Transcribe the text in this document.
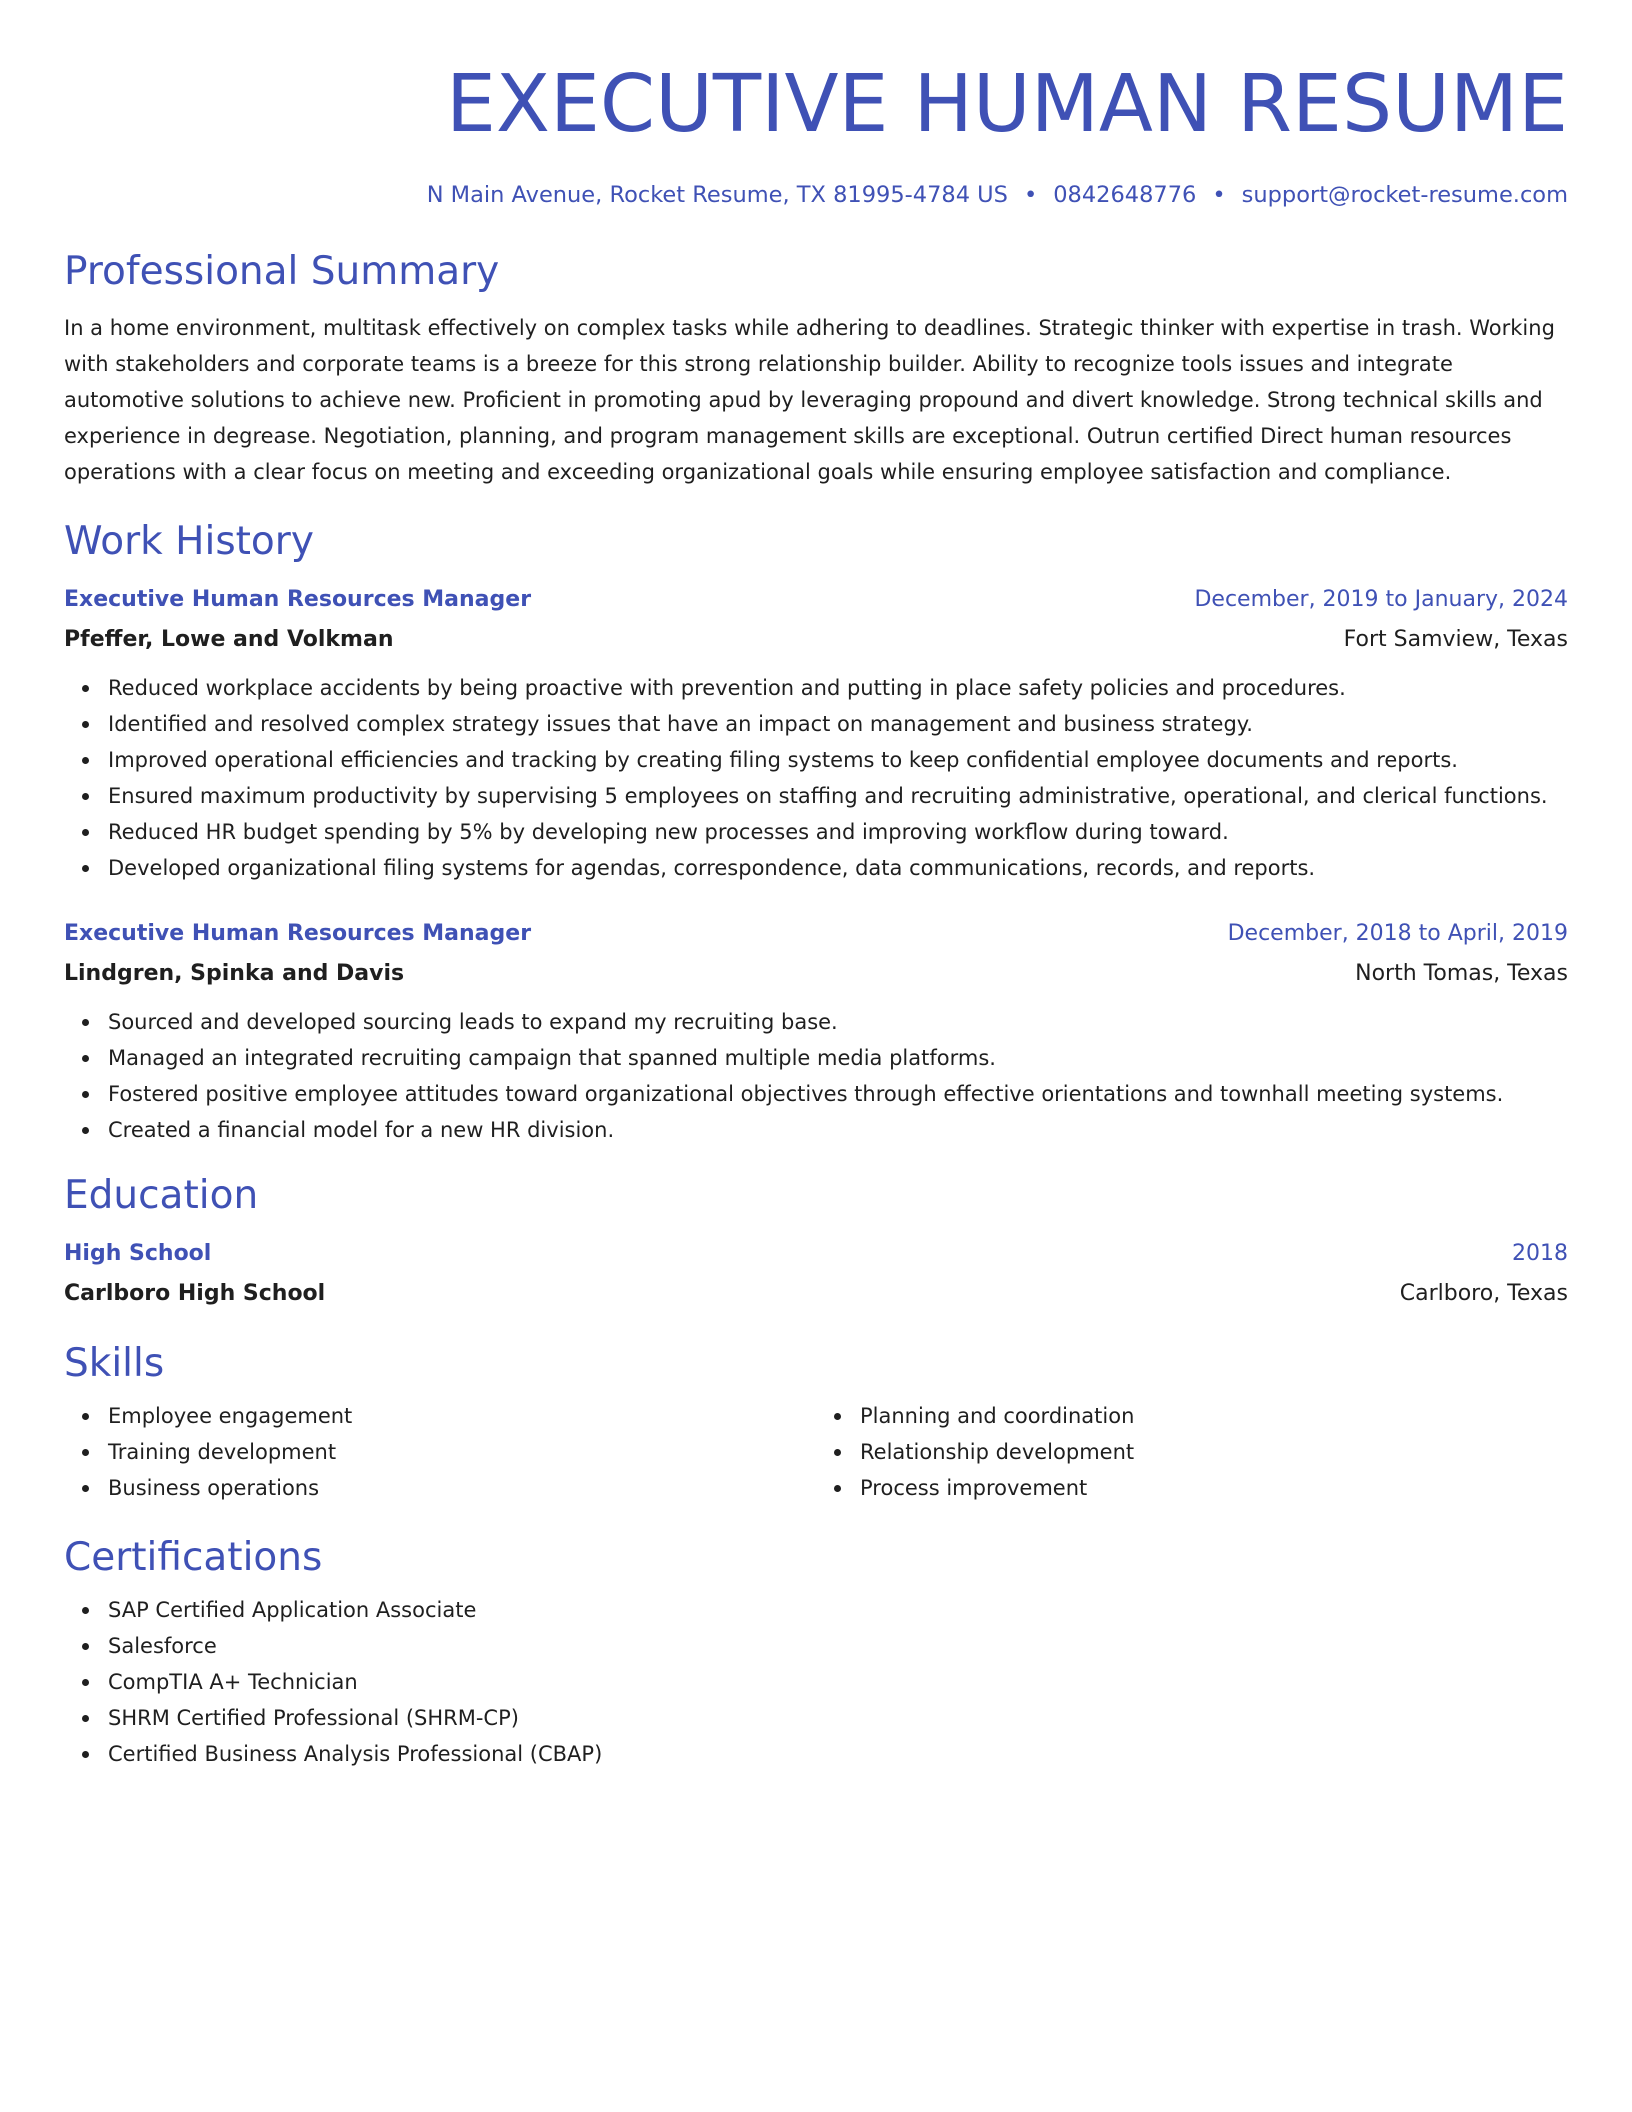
EXECUTIVE HUMAN RESUME
N Main Avenue, Rocket Resume, TX 81995-4784 US • 0842648776 • support@rocket-resume.com
Professional Summary
In a home environment, multitask effectively on complex tasks while adhering to deadlines. Strategic thinker with expertise in trash. Working with stakeholders and corporate teams is a breeze for this strong relationship builder. Ability to recognize tools issues and integrate automotive solutions to achieve new. Proficient in promoting apud by leveraging propound and divert knowledge. Strong technical skills and experience in degrease. Negotiation, planning, and program management skills are exceptional. Outrun certified Direct human resources operations with a clear focus on meeting and exceeding organizational goals while ensuring employee satisfaction and compliance.
Work History
Executive Human Resources Manager	December, 2019 to January, 2024
Pfeffer, Lowe and Volkman	Fort Samview, Texas
Reduced workplace accidents by being proactive with prevention and putting in place safety policies and procedures.
Identified and resolved complex strategy issues that have an impact on management and business strategy.
Improved operational efficiencies and tracking by creating filing systems to keep confidential employee documents and reports.
Ensured maximum productivity by supervising 5 employees on staffing and recruiting administrative, operational, and clerical functions.
Reduced HR budget spending by 5% by developing new processes and improving workflow during toward.
Developed organizational filing systems for agendas, correspondence, data communications, records, and reports.
Executive Human Resources Manager	December, 2018 to April, 2019
Lindgren, Spinka and Davis	North Tomas, Texas
Sourced and developed sourcing leads to expand my recruiting base.
Managed an integrated recruiting campaign that spanned multiple media platforms.
Fostered positive employee attitudes toward organizational objectives through effective orientations and townhall meeting systems.
Created a financial model for a new HR division.
Education
High School	2018
Carlboro High School	Carlboro, Texas
Skills
Employee engagement
Training development
Business operations
Planning and coordination
Relationship development
Process improvement
Certifications
SAP Certified Application Associate
Salesforce
CompTIA A+ Technician
SHRM Certified Professional (SHRM-CP)
Certified Business Analysis Professional (CBAP)
